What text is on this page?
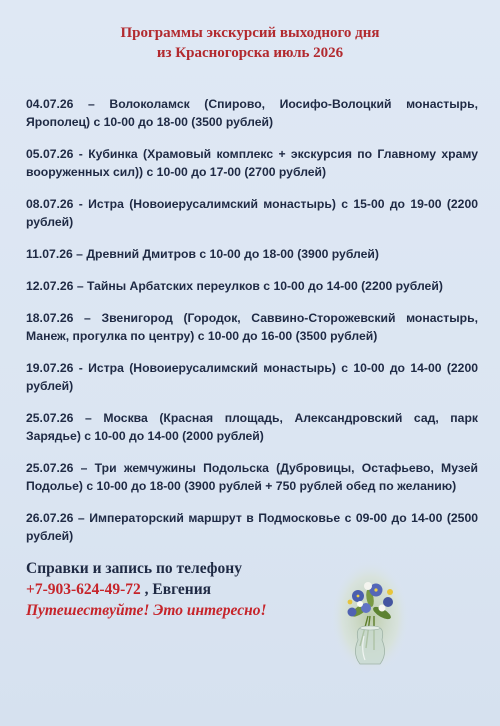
Программы экскурсий выходного дня
из Красногорска июль 2026
04.07.26 – Волоколамск (Спирово, Иосифо-Волоцкий монастырь, Ярополец) с 10-00 до 18-00 (3500 рублей)
05.07.26 - Кубинка (Храмовый комплекс + экскурсия по Главному храму вооруженных сил)) с 10-00 до 17-00 (2700 рублей)
08.07.26 - Истра (Новоиерусалимский монастырь) с 15-00 до 19-00 (2200 рублей)
11.07.26 – Древний Дмитров с 10-00 до 18-00 (3900 рублей)
12.07.26 – Тайны Арбатских переулков с 10-00 до 14-00 (2200 рублей)
18.07.26 – Звенигород (Городок, Саввино-Сторожевский монастырь, Манеж, прогулка по центру) с 10-00 до 16-00 (3500 рублей)
19.07.26 - Истра (Новоиерусалимский монастырь) с 10-00 до 14-00 (2200 рублей)
25.07.26 – Москва (Красная площадь, Александровский сад, парк Зарядье) с 10-00 до 14-00 (2000 рублей)
25.07.26 – Три жемчужины Подольска (Дубровицы, Остафьево, Музей Подолье) с 10-00 до 18-00 (3900 рублей + 750 рублей обед по желанию)
26.07.26 – Императорский маршрут в Подмосковье с 09-00 до 14-00 (2500 рублей)
Справки и запись по телефону
+7-903-624-49-72 , Евгения
Путешествуйте! Это интересно!
